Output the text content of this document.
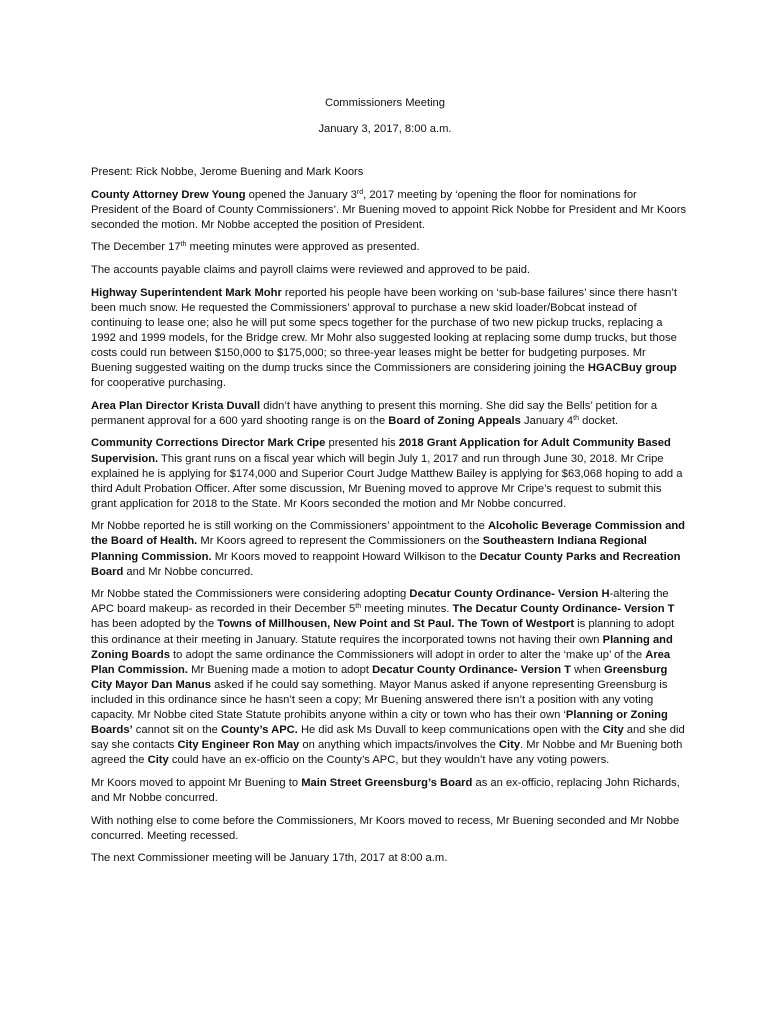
Commissioners Meeting
January 3, 2017, 8:00 a.m.

Present: Rick Nobbe, Jerome Buening and Mark Koors

County Attorney Drew Young opened the January 3rd, 2017 meeting by ‘opening the floor for nominations for President of the Board of County Commissioners’. Mr Buening moved to appoint Rick Nobbe for President and Mr Koors seconded the motion. Mr Nobbe accepted the position of President.

The December 17th meeting minutes were approved as presented.

The accounts payable claims and payroll claims were reviewed and approved to be paid.

Highway Superintendent Mark Mohr reported his people have been working on ‘sub-base failures’ since there hasn’t been much snow. He requested the Commissioners’ approval to purchase a new skid loader/Bobcat instead of continuing to lease one; also he will put some specs together for the purchase of two new pickup trucks, replacing a 1992 and 1999 models, for the Bridge crew. Mr Mohr also suggested looking at replacing some dump trucks, but those costs could run between $150,000 to $175,000; so three-year leases might be better for budgeting purposes. Mr Buening suggested waiting on the dump trucks since the Commissioners are considering joining the HGACBuy group for cooperative purchasing.

Area Plan Director Krista Duvall didn’t have anything to present this morning. She did say the Bells’ petition for a permanent approval for a 600 yard shooting range is on the Board of Zoning Appeals January 4th docket.

Community Corrections Director Mark Cripe presented his 2018 Grant Application for Adult Community Based Supervision. This grant runs on a fiscal year which will begin July 1, 2017 and run through June 30, 2018. Mr Cripe explained he is applying for $174,000 and Superior Court Judge Matthew Bailey is applying for $63,068 hoping to add a third Adult Probation Officer. After some discussion, Mr Buening moved to approve Mr Cripe’s request to submit this grant application for 2018 to the State. Mr Koors seconded the motion and Mr Nobbe concurred.

Mr Nobbe reported he is still working on the Commissioners’ appointment to the Alcoholic Beverage Commission and the Board of Health. Mr Koors agreed to represent the Commissioners on the Southeastern Indiana Regional Planning Commission. Mr Koors moved to reappoint Howard Wilkison to the Decatur County Parks and Recreation Board and Mr Nobbe concurred.

Mr Nobbe stated the Commissioners were considering adopting Decatur County Ordinance- Version H-altering the APC board makeup- as recorded in their December 5th meeting minutes. The Decatur County Ordinance- Version T has been adopted by the Towns of Millhousen, New Point and St Paul. The Town of Westport is planning to adopt this ordinance at their meeting in January. Statute requires the incorporated towns not having their own Planning and Zoning Boards to adopt the same ordinance the Commissioners will adopt in order to alter the ‘make up’ of the Area Plan Commission. Mr Buening made a motion to adopt Decatur County Ordinance- Version T when Greensburg City Mayor Dan Manus asked if he could say something. Mayor Manus asked if anyone representing Greensburg is included in this ordinance since he hasn’t seen a copy; Mr Buening answered there isn’t a position with any voting capacity. Mr Nobbe cited State Statute prohibits anyone within a city or town who has their own ‘Planning or Zoning Boards’ cannot sit on the County’s APC. He did ask Ms Duvall to keep communications open with the City and she did say she contacts City Engineer Ron May on anything which impacts/involves the City. Mr Nobbe and Mr Buening both agreed the City could have an ex-officio on the County’s APC, but they wouldn’t have any voting powers.

Mr Koors moved to appoint Mr Buening to Main Street Greensburg’s Board as an ex-officio, replacing John Richards, and Mr Nobbe concurred.

With nothing else to come before the Commissioners, Mr Koors moved to recess, Mr Buening seconded and Mr Nobbe concurred. Meeting recessed.

The next Commissioner meeting will be January 17th, 2017 at 8:00 a.m.
